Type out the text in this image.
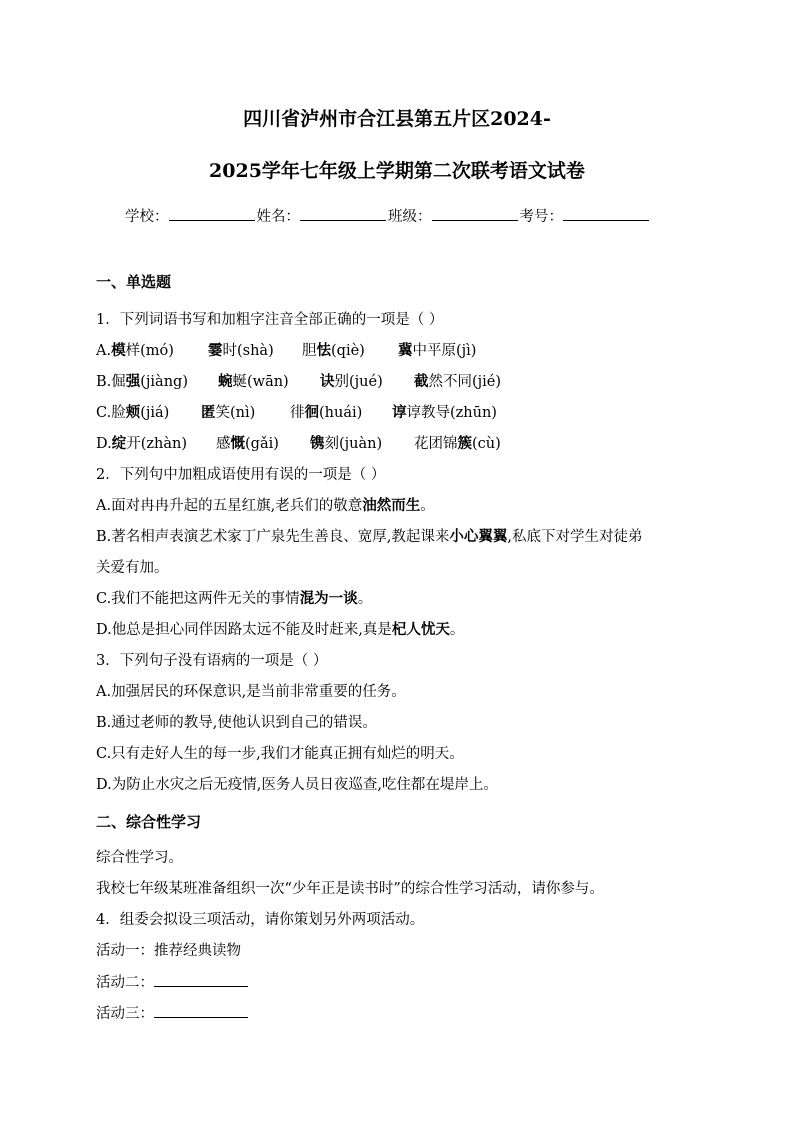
四川省泸州市合江县第五片区2024-
2025学年七年级上学期第二次联考语文试卷
学校：	姓名：	班级：	考号：
一、单选题
1．下列词语书写和加粗字注音全部正确的一项是（ ）
A.模样(mó) 霎时(shà) 胆怯(qiè) 冀中平原(jì)
B.倔强(jiàng) 蜿蜒(wān) 诀别(jué) 截然不同(jié)
C.脸颊(jiá) 匿笑(nì) 徘徊(huái) 谆谆教导(zhūn)
D.绽开(zhàn) 感慨(gǎi) 镌刻(juàn) 花团锦簇(cù)
2．下列句中加粗成语使用有误的一项是（ ）
A.面对冉冉升起的五星红旗,老兵们的敬意油然而生。
B.著名相声表演艺术家丁广泉先生善良、宽厚,教起课来小心翼翼,私底下对学生对徒弟
关爱有加。
C.我们不能把这两件无关的事情混为一谈。
D.他总是担心同伴因路太远不能及时赶来,真是杞人忧天。
3．下列句子没有语病的一项是（ ）
A.加强居民的环保意识,是当前非常重要的任务。
B.通过老师的教导,使他认识到自己的错误。
C.只有走好人生的每一步,我们才能真正拥有灿烂的明天。
D.为防止水灾之后无疫情,医务人员日夜巡查,吃住都在堤岸上。
二、综合性学习
综合性学习。
我校七年级某班准备组织一次“少年正是读书时”的综合性学习活动，请你参与。
4．组委会拟设三项活动，请你策划另外两项活动。
活动一：推荐经典读物
活动二：
活动三：
